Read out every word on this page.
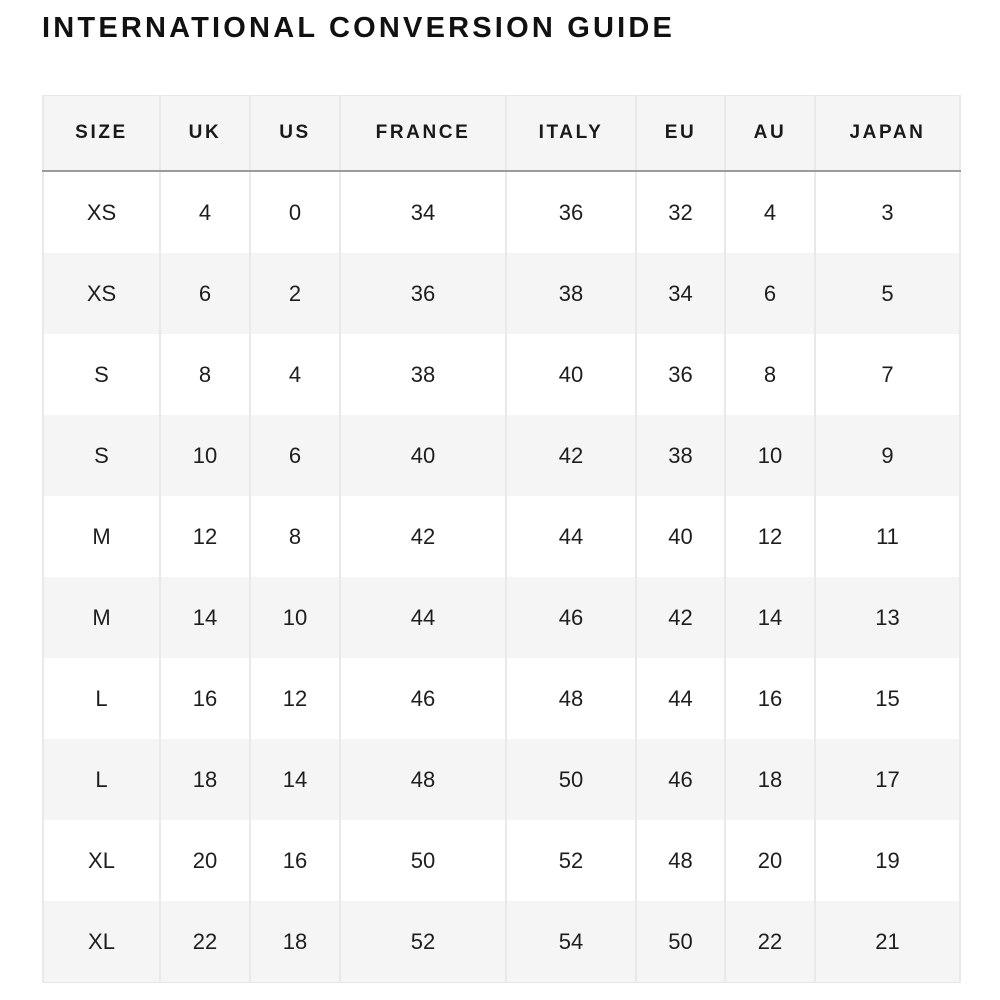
INTERNATIONAL CONVERSION GUIDE
SIZE	UK	US	FRANCE	ITALY	EU	AU	JAPAN
XS	4	0	34	36	32	4	3
XS	6	2	36	38	34	6	5
S	8	4	38	40	36	8	7
S	10	6	40	42	38	10	9
M	12	8	42	44	40	12	11
M	14	10	44	46	42	14	13
L	16	12	46	48	44	16	15
L	18	14	48	50	46	18	17
XL	20	16	50	52	48	20	19
XL	22	18	52	54	50	22	21
